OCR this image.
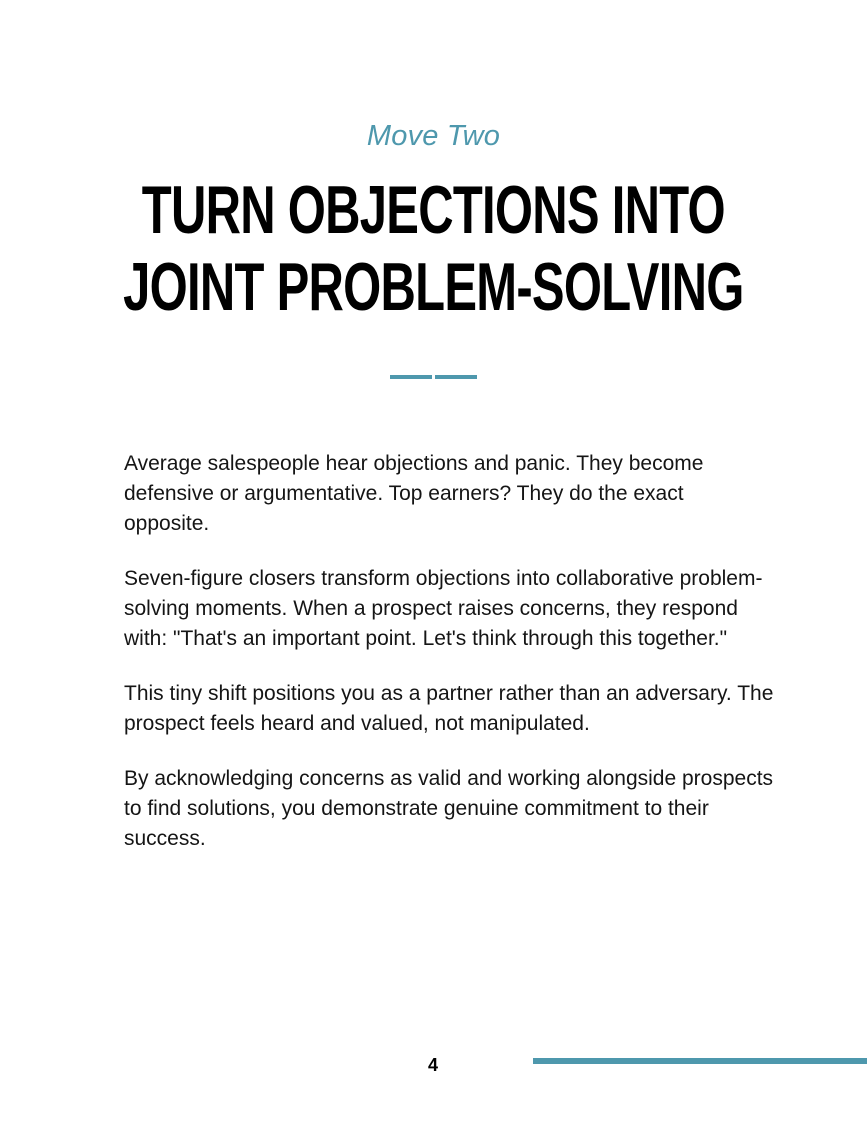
Move Two
TURN OBJECTIONS INTO
JOINT PROBLEM-SOLVING

Average salespeople hear objections and panic. They become defensive or argumentative. Top earners? They do the exact opposite.

Seven-figure closers transform objections into collaborative problem-solving moments. When a prospect raises concerns, they respond with: "That's an important point. Let's think through this together."

This tiny shift positions you as a partner rather than an adversary. The prospect feels heard and valued, not manipulated.

By acknowledging concerns as valid and working alongside prospects to find solutions, you demonstrate genuine commitment to their success.

4
